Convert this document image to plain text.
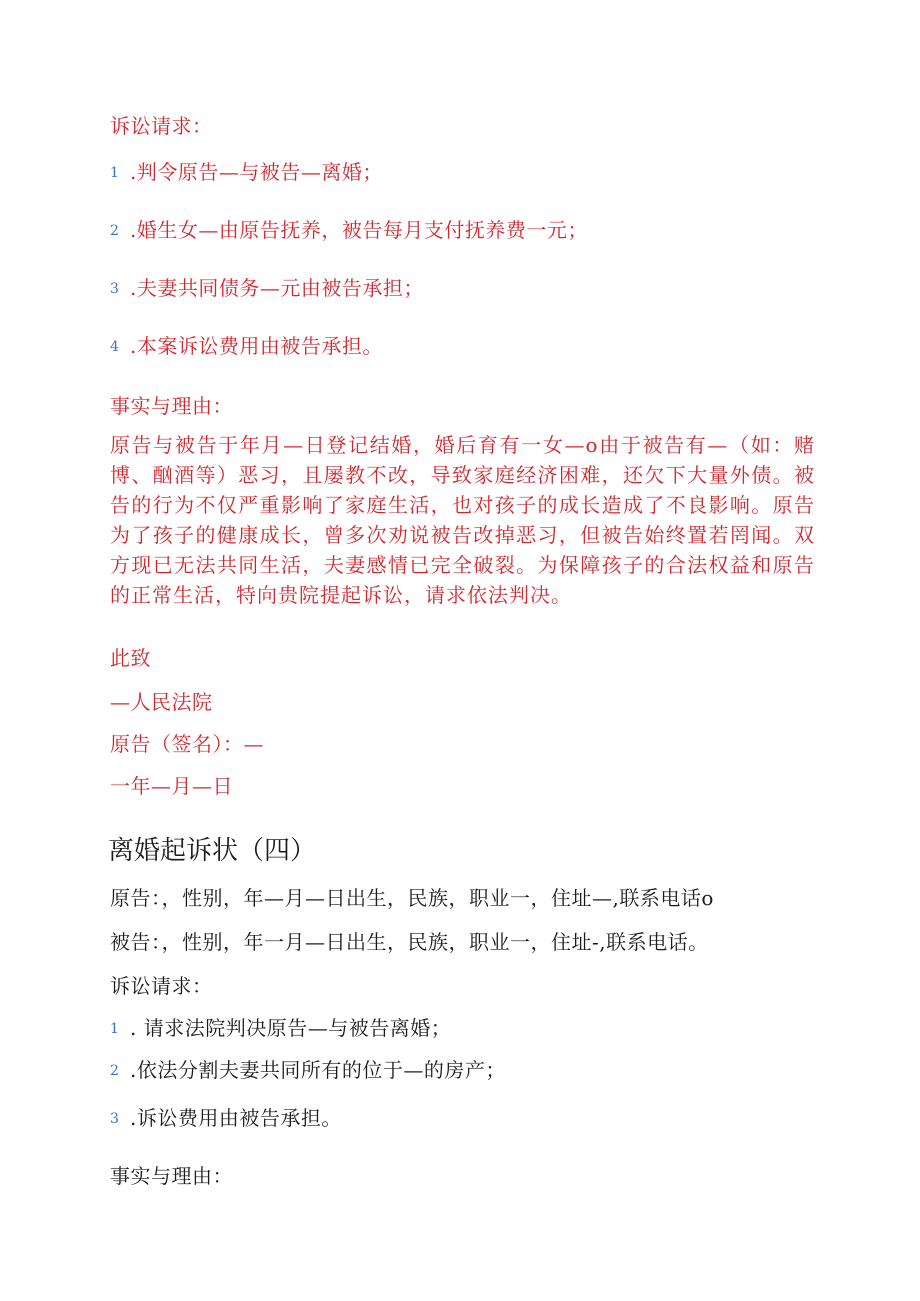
诉讼请求：
1 .判令原告—与被告—离婚；
2 .婚生女—由原告抚养，被告每月支付抚养费一元；
3 .夫妻共同债务—元由被告承担；
4 .本案诉讼费用由被告承担。
事实与理由：
原告与被告于年月—日登记结婚，婚后育有一女—o由于被告有—（如：赌博、酗酒等）恶习，且屡教不改，导致家庭经济困难，还欠下大量外债。被告的行为不仅严重影响了家庭生活，也对孩子的成长造成了不良影响。原告为了孩子的健康成长，曾多次劝说被告改掉恶习，但被告始终置若罔闻。双方现已无法共同生活，夫妻感情已完全破裂。为保障孩子的合法权益和原告的正常生活，特向贵院提起诉讼，请求依法判决。
此致
—人民法院
原告（签名）：—
一年—月—日
离婚起诉状（四）
原告：，性别，年—月—日出生，民族，职业一，住址—,联系电话o
被告：，性别，年一月—日出生，民族，职业一，住址-,联系电话。
诉讼请求：
1 . 请求法院判决原告—与被告离婚；
2 .依法分割夫妻共同所有的位于—的房产；
3 .诉讼费用由被告承担。
事实与理由：
